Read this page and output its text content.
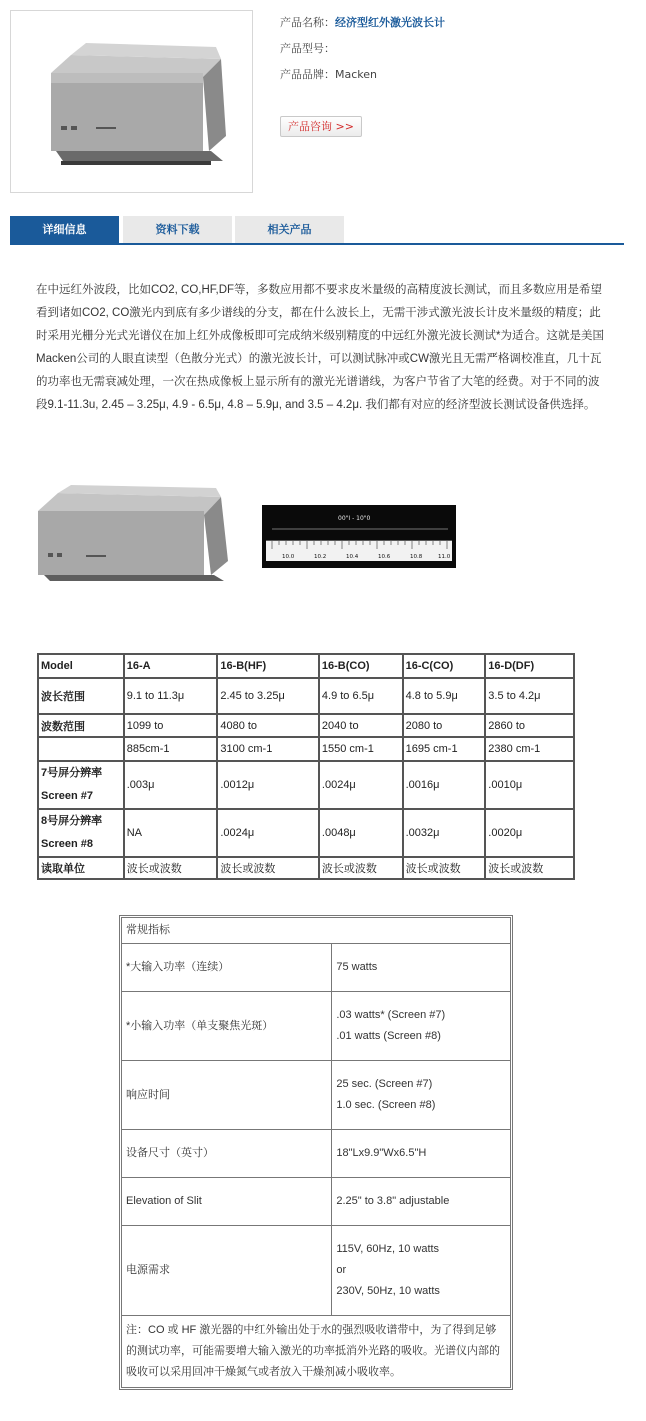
产品名称：经济型红外激光波长计
产品型号：
产品品牌：Macken
产品咨询 >>
详细信息	资料下载	相关产品
在中远红外波段，比如CO2, CO,HF,DF等，多数应用都不要求皮米量级的高精度波长测试，而且多数应用是希望看到诸如CO2, CO激光内到底有多少谱线的分支，都在什么波长上，无需干涉式激光波长计皮米量级的精度；此时采用光栅分光式光谱仪在加上红外成像板即可完成纳米级别精度的中远红外激光波长测试*为适合。这就是美国Macken公司的人眼直读型（色散分光式）的激光波长计，可以测试脉冲或CW激光且无需严格调校准直，几十瓦的功率也无需衰减处理，一次在热成像板上显示所有的激光光谱谱线，为客户节省了大笔的经费。对于不同的波段9.1-11.3u, 2.45 – 3.25μ, 4.9 - 6.5μ, 4.8 – 5.9μ, and 3.5 – 4.2μ. 我们都有对应的经济型波长测试设备供选择。
00"I - 10"0
10.0	10.2	10.4	10.6	10.8	11.0
Model	16-A	16-B(HF)	16-B(CO)	16-C(CO)	16-D(DF)
波长范围	9.1 to 11.3μ	2.45 to 3.25μ	4.9 to 6.5μ	4.8 to 5.9μ	3.5 to 4.2μ
波数范围	1099 to	4080 to	2040 to	2080 to	2860 to
	885cm-1	3100 cm-1	1550 cm-1	1695 cm-1	2380 cm-1

7号屏分辨率
Screen #7	.003μ	.0012μ	.0024μ	.0016μ	.0010μ

8号屏分辨率
Screen #8	NA	.0024μ	.0048μ	.0032μ	.0020μ
读取单位	波长或波数	波长或波数	波长或波数	波长或波数	波长或波数
常规指标	
*大输入功率（连续）	75 watts

*小输入功率（单支聚焦光斑）	.03 watts* (Screen #7)
.01 watts (Screen #8)

响应时间	25 sec. (Screen #7)
1.0 sec. (Screen #8)

设备尺寸（英寸）	18"Lx9.9"Wx6.5"H

Elevation of Slit	2.25" to 3.8" adjustable

电源需求	115V, 60Hz, 10 watts
or
230V, 50Hz, 10 watts

注：CO 或 HF 激光器的中红外输出处于水的强烈吸收谱带中，为了得到足够的测试功率，可能需要增大输入激光的功率抵消外光路的吸收。光谱仪内部的吸收可以采用回冲干燥氮气或者放入干燥剂减小吸收率。	
